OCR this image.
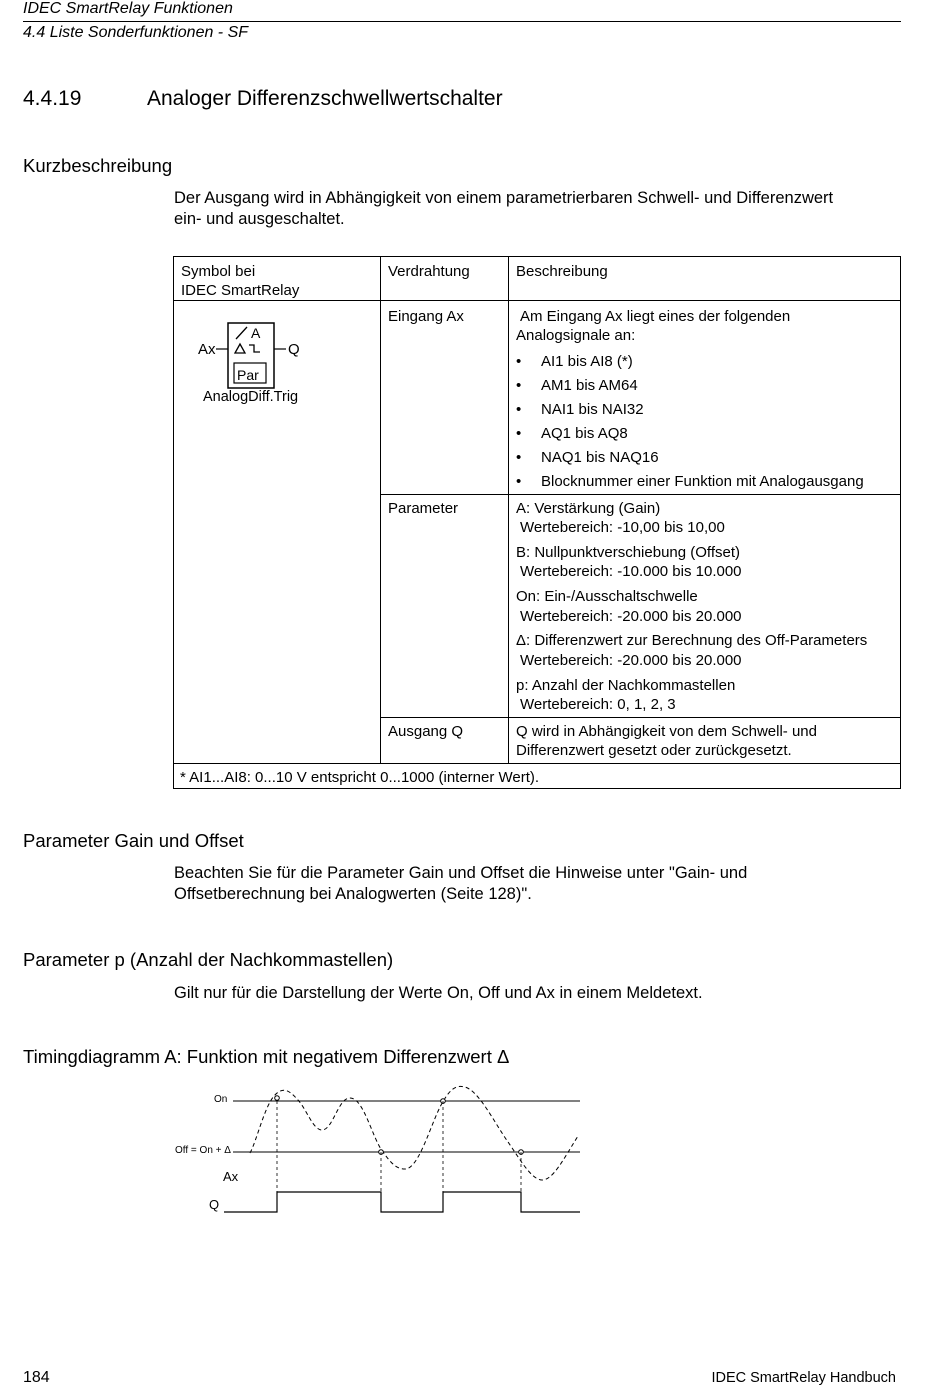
IDEC SmartRelay Funktionen
4.4 Liste Sonderfunktionen - SF
4.4.19	Analoger Differenzschwellwertschalter
Kurzbeschreibung
Der Ausgang wird in Abhängigkeit von einem parametrierbaren Schwell- und Differenzwert
ein- und ausgeschaltet.
Symbol bei
IDEC SmartRelay
Verdrahtung	Beschreibung
Ax	Q
A
Par
AnalogDiff.Trig
Eingang Ax	Am Eingang Ax liegt eines der folgenden
Analogsignale an:
• AI1 bis AI8 (*)
• AM1 bis AM64
• NAI1 bis NAI32
• AQ1 bis AQ8
• NAQ1 bis NAQ16
• Blocknummer einer Funktion mit Analogausgang
Parameter	A: Verstärkung (Gain)
Wertebereich: -10,00 bis 10,00
B: Nullpunktverschiebung (Offset)
Wertebereich: -10.000 bis 10.000
On: Ein-/Ausschaltschwelle
Wertebereich: -20.000 bis 20.000
Δ: Differenzwert zur Berechnung des Off-Parameters
Wertebereich: -20.000 bis 20.000
p: Anzahl der Nachkommastellen
Wertebereich: 0, 1, 2, 3
Ausgang Q	Q wird in Abhängigkeit von dem Schwell- und
Differenzwert gesetzt oder zurückgesetzt.
* AI1...AI8: 0...10 V entspricht 0...1000 (interner Wert).
Parameter Gain und Offset
Beachten Sie für die Parameter Gain und Offset die Hinweise unter "Gain- und
Offsetberechnung bei Analogwerten (Seite 128)".
Parameter p (Anzahl der Nachkommastellen)
Gilt nur für die Darstellung der Werte On, Off und Ax in einem Meldetext.
Timingdiagramm A: Funktion mit negativem Differenzwert Δ
On
Off = On + Δ
Ax
Q
184	IDEC SmartRelay Handbuch
